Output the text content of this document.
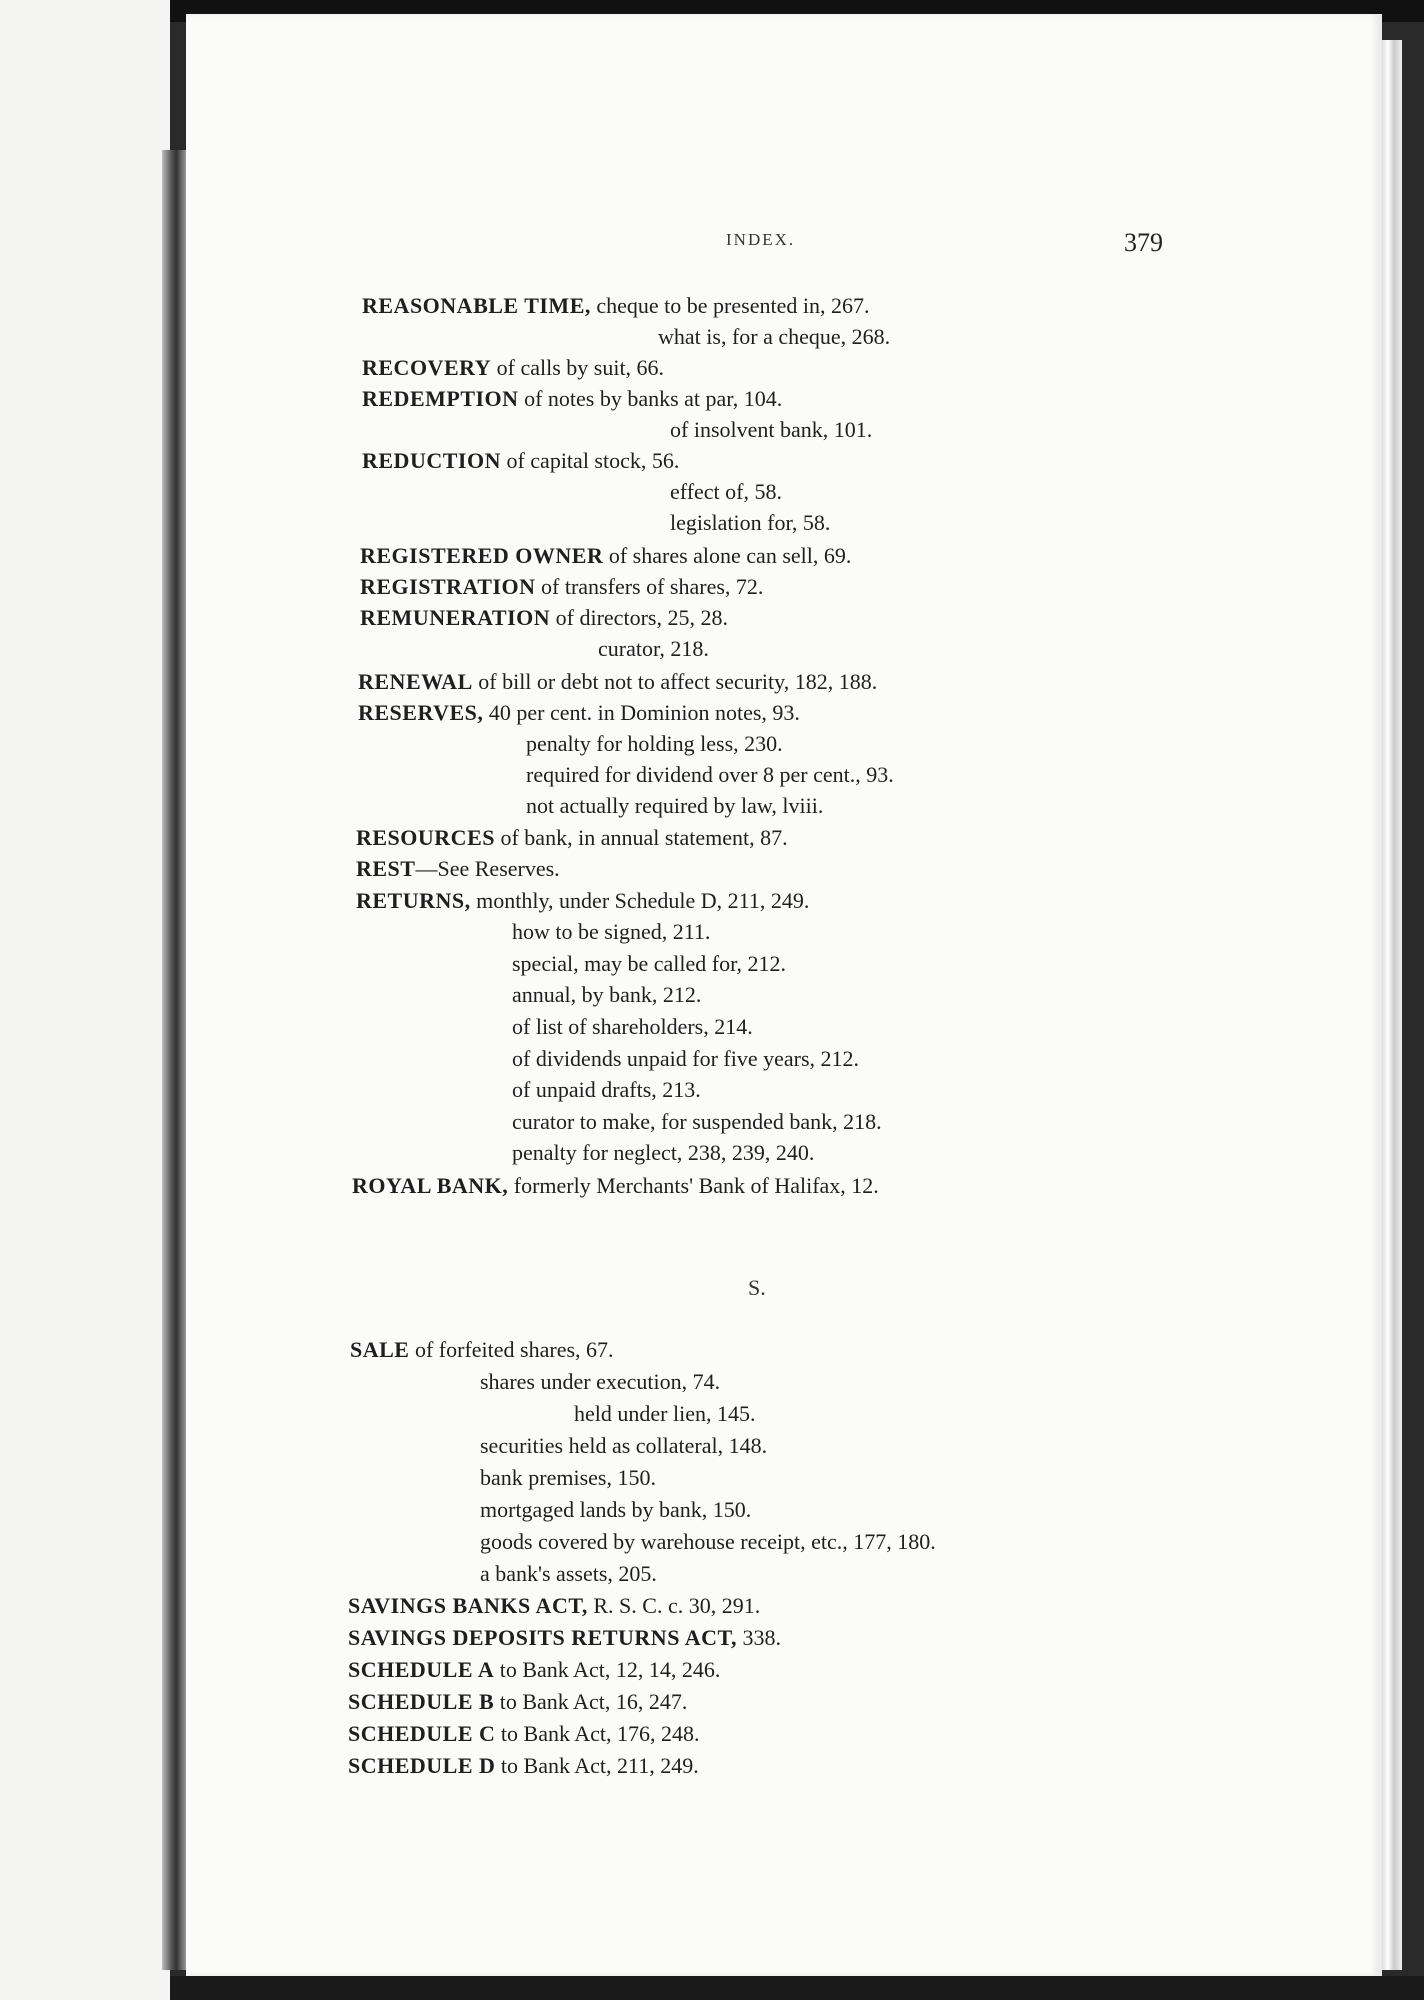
INDEX.	379
REASONABLE TIME, cheque to be presented in, 267.
what is, for a cheque, 268.
RECOVERY of calls by suit, 66.
REDEMPTION of notes by banks at par, 104.
of insolvent bank, 101.
REDUCTION of capital stock, 56.
effect of, 58.
legislation for, 58.
REGISTERED OWNER of shares alone can sell, 69.
REGISTRATION of transfers of shares, 72.
REMUNERATION of directors, 25, 28.
curator, 218.
RENEWAL of bill or debt not to affect security, 182, 188.
RESERVES, 40 per cent. in Dominion notes, 93.
penalty for holding less, 230.
required for dividend over 8 per cent., 93.
not actually required by law, lviii.
RESOURCES of bank, in annual statement, 87.
REST—See Reserves.
RETURNS, monthly, under Schedule D, 211, 249.
how to be signed, 211.
special, may be called for, 212.
annual, by bank, 212.
of list of shareholders, 214.
of dividends unpaid for five years, 212.
of unpaid drafts, 213.
curator to make, for suspended bank, 218.
penalty for neglect, 238, 239, 240.
ROYAL BANK, formerly Merchants' Bank of Halifax, 12.
S.
SALE of forfeited shares, 67.
shares under execution, 74.
held under lien, 145.
securities held as collateral, 148.
bank premises, 150.
mortgaged lands by bank, 150.
goods covered by warehouse receipt, etc., 177, 180.
a bank's assets, 205.
SAVINGS BANKS ACT, R. S. C. c. 30, 291.
SAVINGS DEPOSITS RETURNS ACT, 338.
SCHEDULE A to Bank Act, 12, 14, 246.
SCHEDULE B to Bank Act, 16, 247.
SCHEDULE C to Bank Act, 176, 248.
SCHEDULE D to Bank Act, 211, 249.
